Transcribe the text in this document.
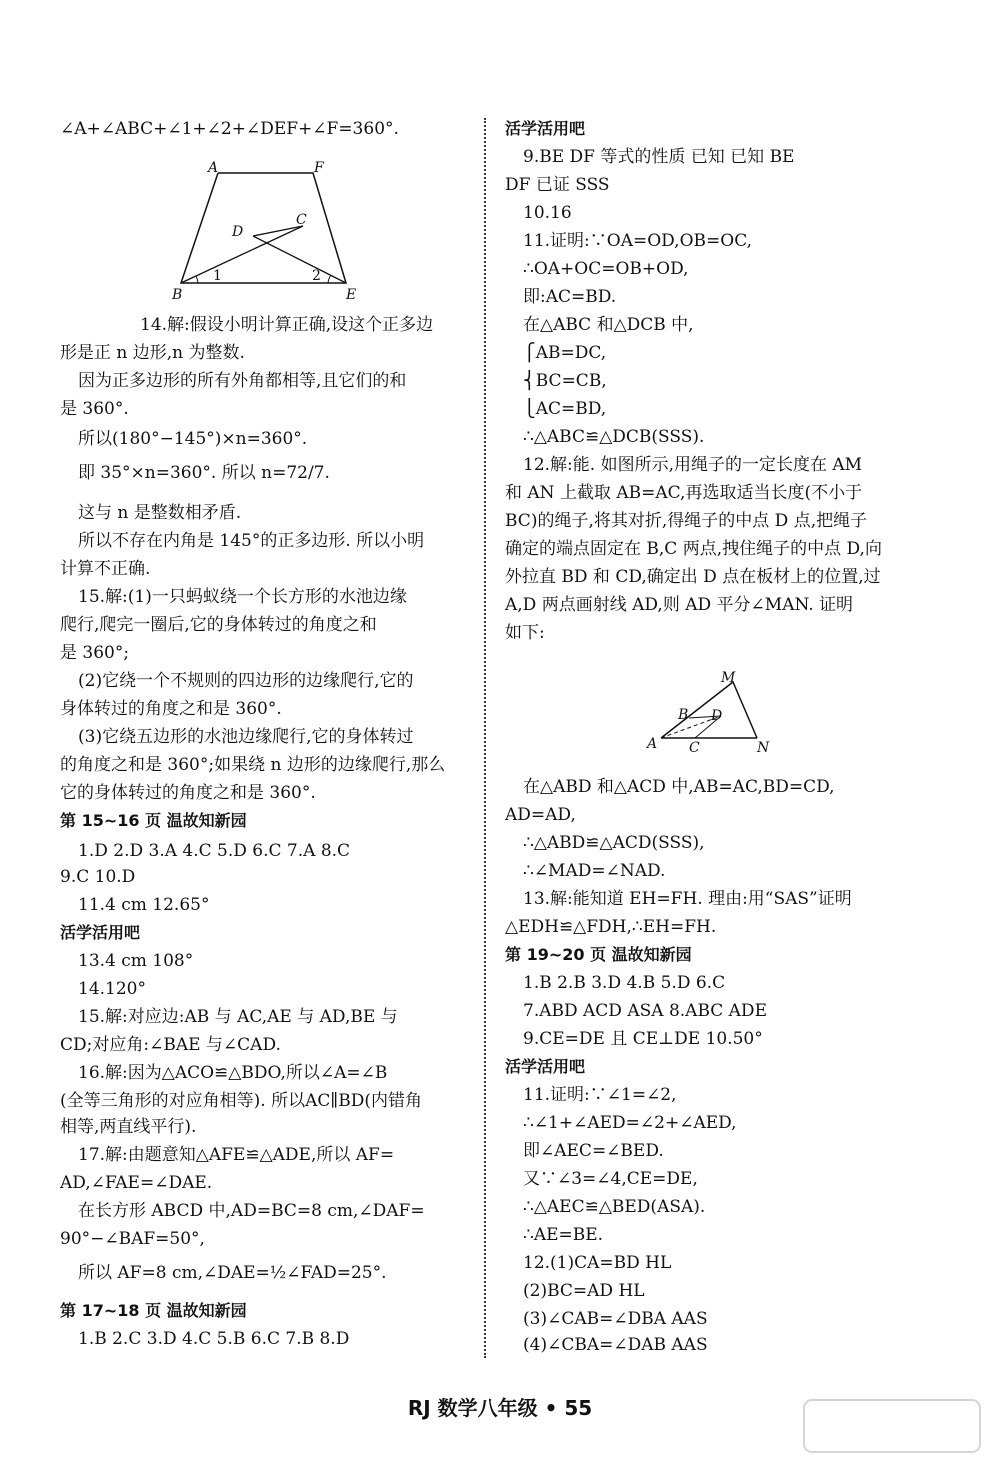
∠A+∠ABC+∠1+∠2+∠DEF+∠F=360°.
14.解:假设小明计算正确,设这个正多边
形是正 n 边形,n 为整数.
因为正多边形的所有外角都相等,且它们的和
是 360°.
所以(180°−145°)×n=360°.
即 35°×n=360°. 所以 n=72/7.
这与 n 是整数相矛盾.
所以不存在内角是 145°的正多边形. 所以小明
计算不正确.
15.解:(1)一只蚂蚁绕一个长方形的水池边缘
爬行,爬完一圈后,它的身体转过的角度之和
是 360°;
(2)它绕一个不规则的四边形的边缘爬行,它的
身体转过的角度之和是 360°.
(3)它绕五边形的水池边缘爬行,它的身体转过
的角度之和是 360°;如果绕 n 边形的边缘爬行,那么
它的身体转过的角度之和是 360°.
第 15~16 页 温故知新园
1.D 2.D 3.A 4.C 5.D 6.C 7.A 8.C
9.C 10.D
11.4 cm 12.65°
活学活用吧
13.4 cm 108°
14.120°
15.解:对应边:AB 与 AC,AE 与 AD,BE 与
CD;对应角:∠BAE 与∠CAD.
16.解:因为△ACO≌△BDO,所以∠A=∠B
(全等三角形的对应角相等). 所以AC∥BD(内错角
相等,两直线平行).
17.解:由题意知△AFE≌△ADE,所以 AF=
AD,∠FAE=∠DAE.
在长方形 ABCD 中,AD=BC=8 cm,∠DAF=
90°−∠BAF=50°,
所以 AF=8 cm,∠DAE=½∠FAD=25°.
第 17~18 页 温故知新园
1.B 2.C 3.D 4.C 5.B 6.C 7.B 8.D
活学活用吧
9.BE DF 等式的性质 已知 已知 BE
DF 已证 SSS
10.16
11.证明:∵OA=OD,OB=OC,
∴OA+OC=OB+OD,
即:AC=BD.
在△ABC 和△DCB 中,
⎧AB=DC,
⎨BC=CB,
⎩AC=BD,
∴△ABC≌△DCB(SSS).
12.解:能. 如图所示,用绳子的一定长度在 AM
和 AN 上截取 AB=AC,再选取适当长度(不小于
BC)的绳子,将其对折,得绳子的中点 D 点,把绳子
确定的端点固定在 B,C 两点,拽住绳子的中点 D,向
外拉直 BD 和 CD,确定出 D 点在板材上的位置,过
A,D 两点画射线 AD,则 AD 平分∠MAN. 证明
如下:
在△ABD 和△ACD 中,AB=AC,BD=CD,
AD=AD,
∴△ABD≌△ACD(SSS),
∴∠MAD=∠NAD.
13.解:能知道 EH=FH. 理由:用“SAS”证明
△EDH≌△FDH,∴EH=FH.
第 19~20 页 温故知新园
1.B 2.B 3.D 4.B 5.D 6.C
7.ABD ACD ASA 8.ABC ADE
9.CE=DE 且 CE⊥DE 10.50°
活学活用吧
11.证明:∵∠1=∠2,
∴∠1+∠AED=∠2+∠AED,
即∠AEC=∠BED.
又∵∠3=∠4,CE=DE,
∴△AEC≌△BED(ASA).
∴AE=BE.
12.(1)CA=BD HL
(2)BC=AD HL
(3)∠CAB=∠DBA AAS
(4)∠CBA=∠DAB AAS
A	F
B	E
C
D
1	2
M
A	N
B
C
D
RJ 数学八年级 • 55
